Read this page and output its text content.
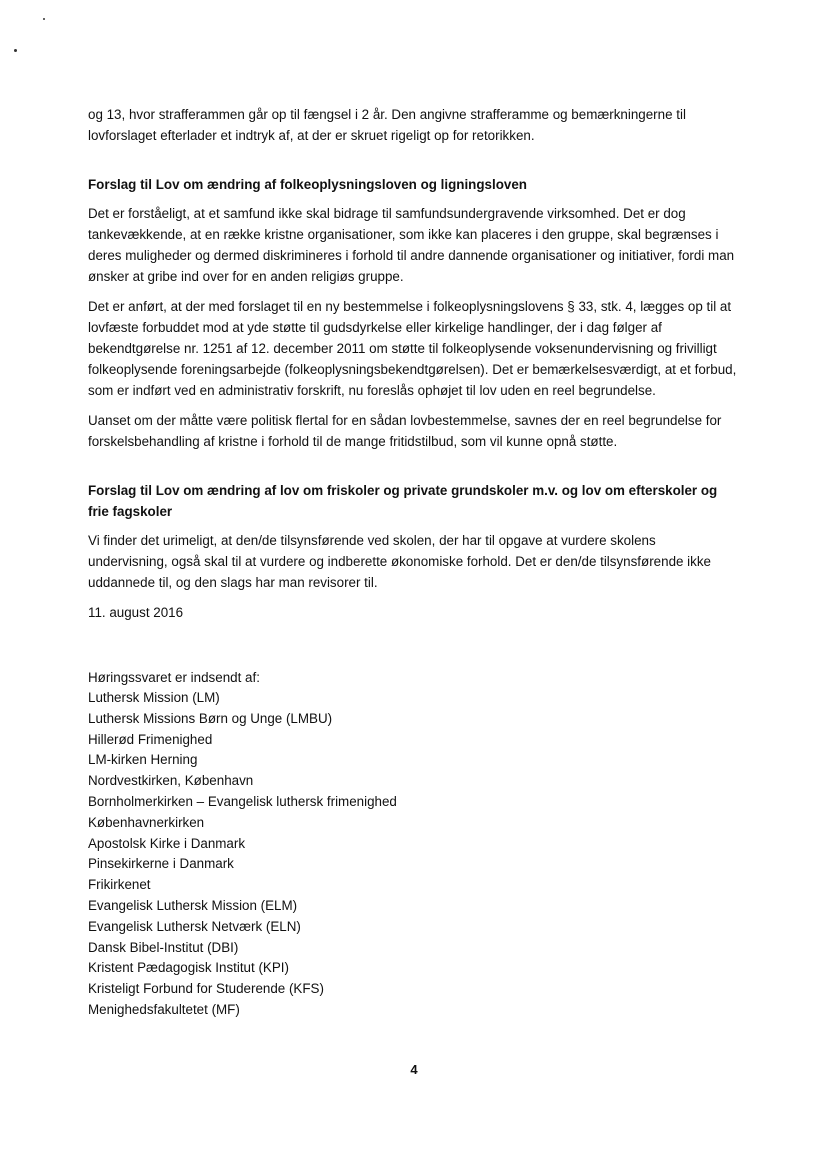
og 13, hvor strafferammen går op til fængsel i 2 år. Den angivne strafferamme og bemærkningerne til lovforslaget efterlader et indtryk af, at der er skruet rigeligt op for retorikken.

Forslag til Lov om ændring af folkeoplysningsloven og ligningsloven

Det er forståeligt, at et samfund ikke skal bidrage til samfundsundergravende virksomhed. Det er dog tankevækkende, at en række kristne organisationer, som ikke kan placeres i den gruppe, skal begrænses i deres muligheder og dermed diskrimineres i forhold til andre dannende organisationer og initiativer, fordi man ønsker at gribe ind over for en anden religiøs gruppe.

Det er anført, at der med forslaget til en ny bestemmelse i folkeoplysningslovens § 33, stk. 4, lægges op til at lovfæste forbuddet mod at yde støtte til gudsdyrkelse eller kirkelige handlinger, der i dag følger af bekendtgørelse nr. 1251 af 12. december 2011 om støtte til folkeoplysende voksenundervisning og frivilligt folkeoplysende foreningsarbejde (folkeoplysningsbekendtgørelsen). Det er bemærkelsesværdigt, at et forbud, som er indført ved en administrativ forskrift, nu foreslås ophøjet til lov uden en reel begrundelse.

Uanset om der måtte være politisk flertal for en sådan lovbestemmelse, savnes der en reel begrundelse for forskelsbehandling af kristne i forhold til de mange fritidstilbud, som vil kunne opnå støtte.

Forslag til Lov om ændring af lov om friskoler og private grundskoler m.v. og lov om efterskoler og frie fagskoler

Vi finder det urimeligt, at den/de tilsynsførende ved skolen, der har til opgave at vurdere skolens undervisning, også skal til at vurdere og indberette økonomiske forhold. Det er den/de tilsynsførende ikke uddannede til, og den slags har man revisorer til.

11. august 2016

Høringssvaret er indsendt af:

Luthersk Mission (LM)
Luthersk Missions Børn og Unge (LMBU)
Hillerød Frimenighed
LM-kirken Herning
Nordvestkirken, København
Bornholmerkirken – Evangelisk luthersk frimenighed
Københavnerkirken
Apostolsk Kirke i Danmark
Pinsekirkerne i Danmark
Frikirkenet
Evangelisk Luthersk Mission (ELM)
Evangelisk Luthersk Netværk (ELN)
Dansk Bibel-Institut (DBI)
Kristent Pædagogisk Institut (KPI)
Kristeligt Forbund for Studerende (KFS)
Menighedsfakultetet (MF)
4
